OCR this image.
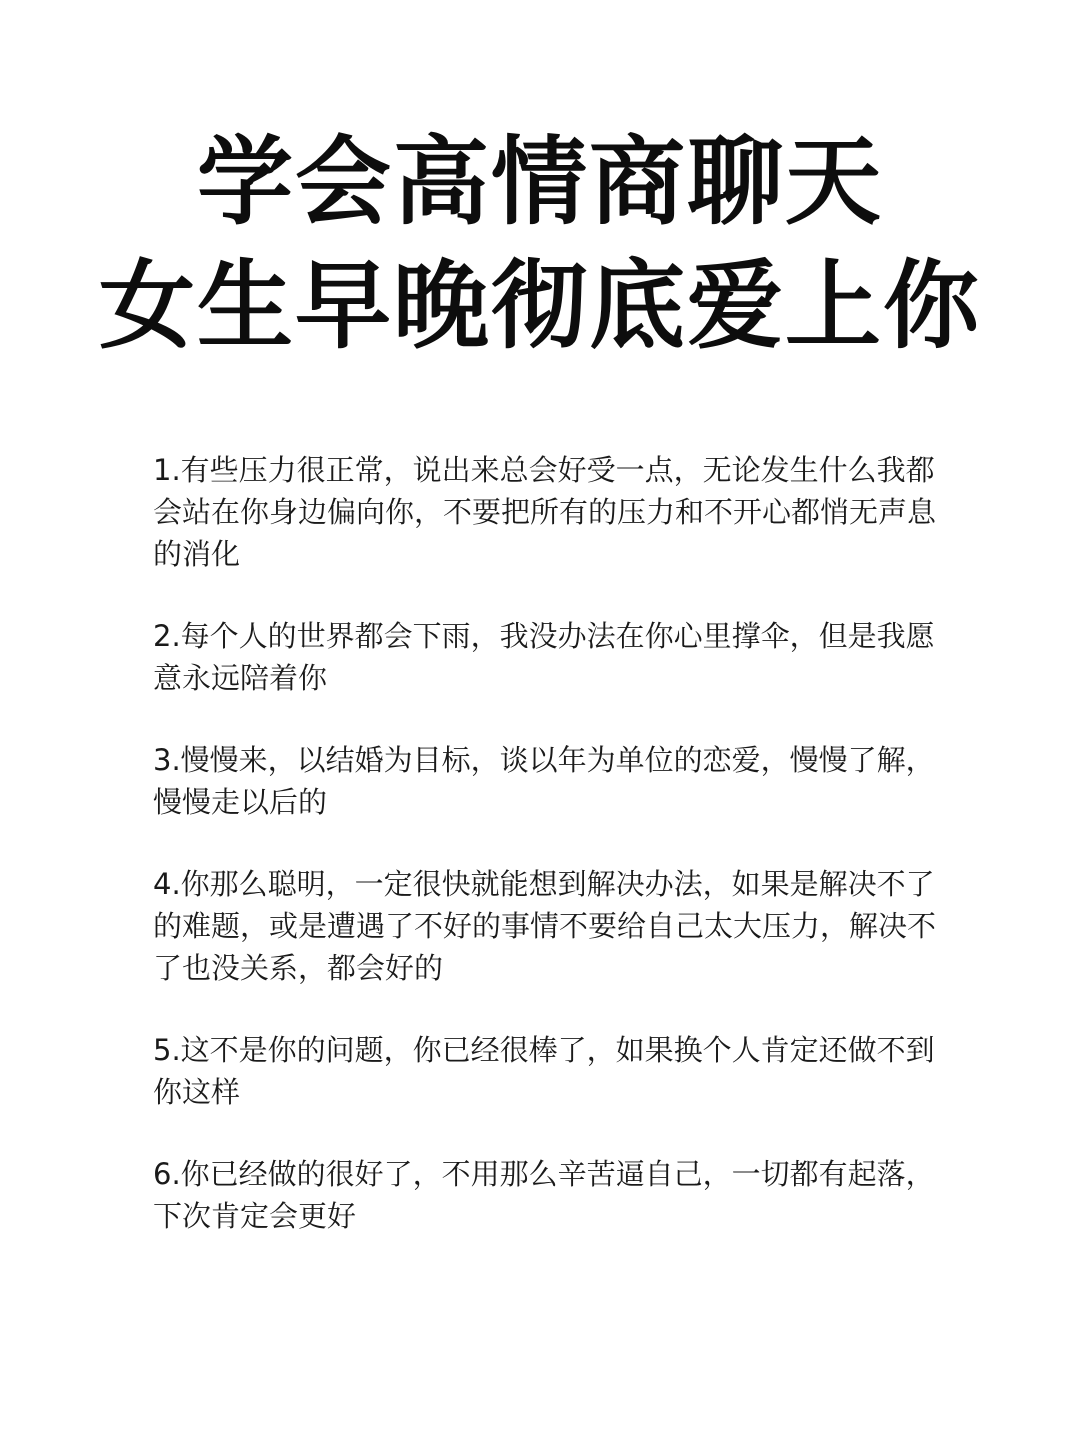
学会高情商聊天
女生早晚彻底爱上你

1.有些压力很正常，说出来总会好受一点，无论发生什么我都会站在你身边偏向你，不要把所有的压力和不开心都悄无声息的消化

2.每个人的世界都会下雨，我没办法在你心里撑伞，但是我愿意永远陪着你

3.慢慢来，以结婚为目标，谈以年为单位的恋爱，慢慢了解，慢慢走以后的

4.你那么聪明，一定很快就能想到解决办法，如果是解决不了的难题，或是遭遇了不好的事情不要给自己太大压力，解决不了也没关系，都会好的

5.这不是你的问题，你已经很棒了，如果换个人肯定还做不到你这样

6.你已经做的很好了，不用那么辛苦逼自己，一切都有起落，下次肯定会更好
